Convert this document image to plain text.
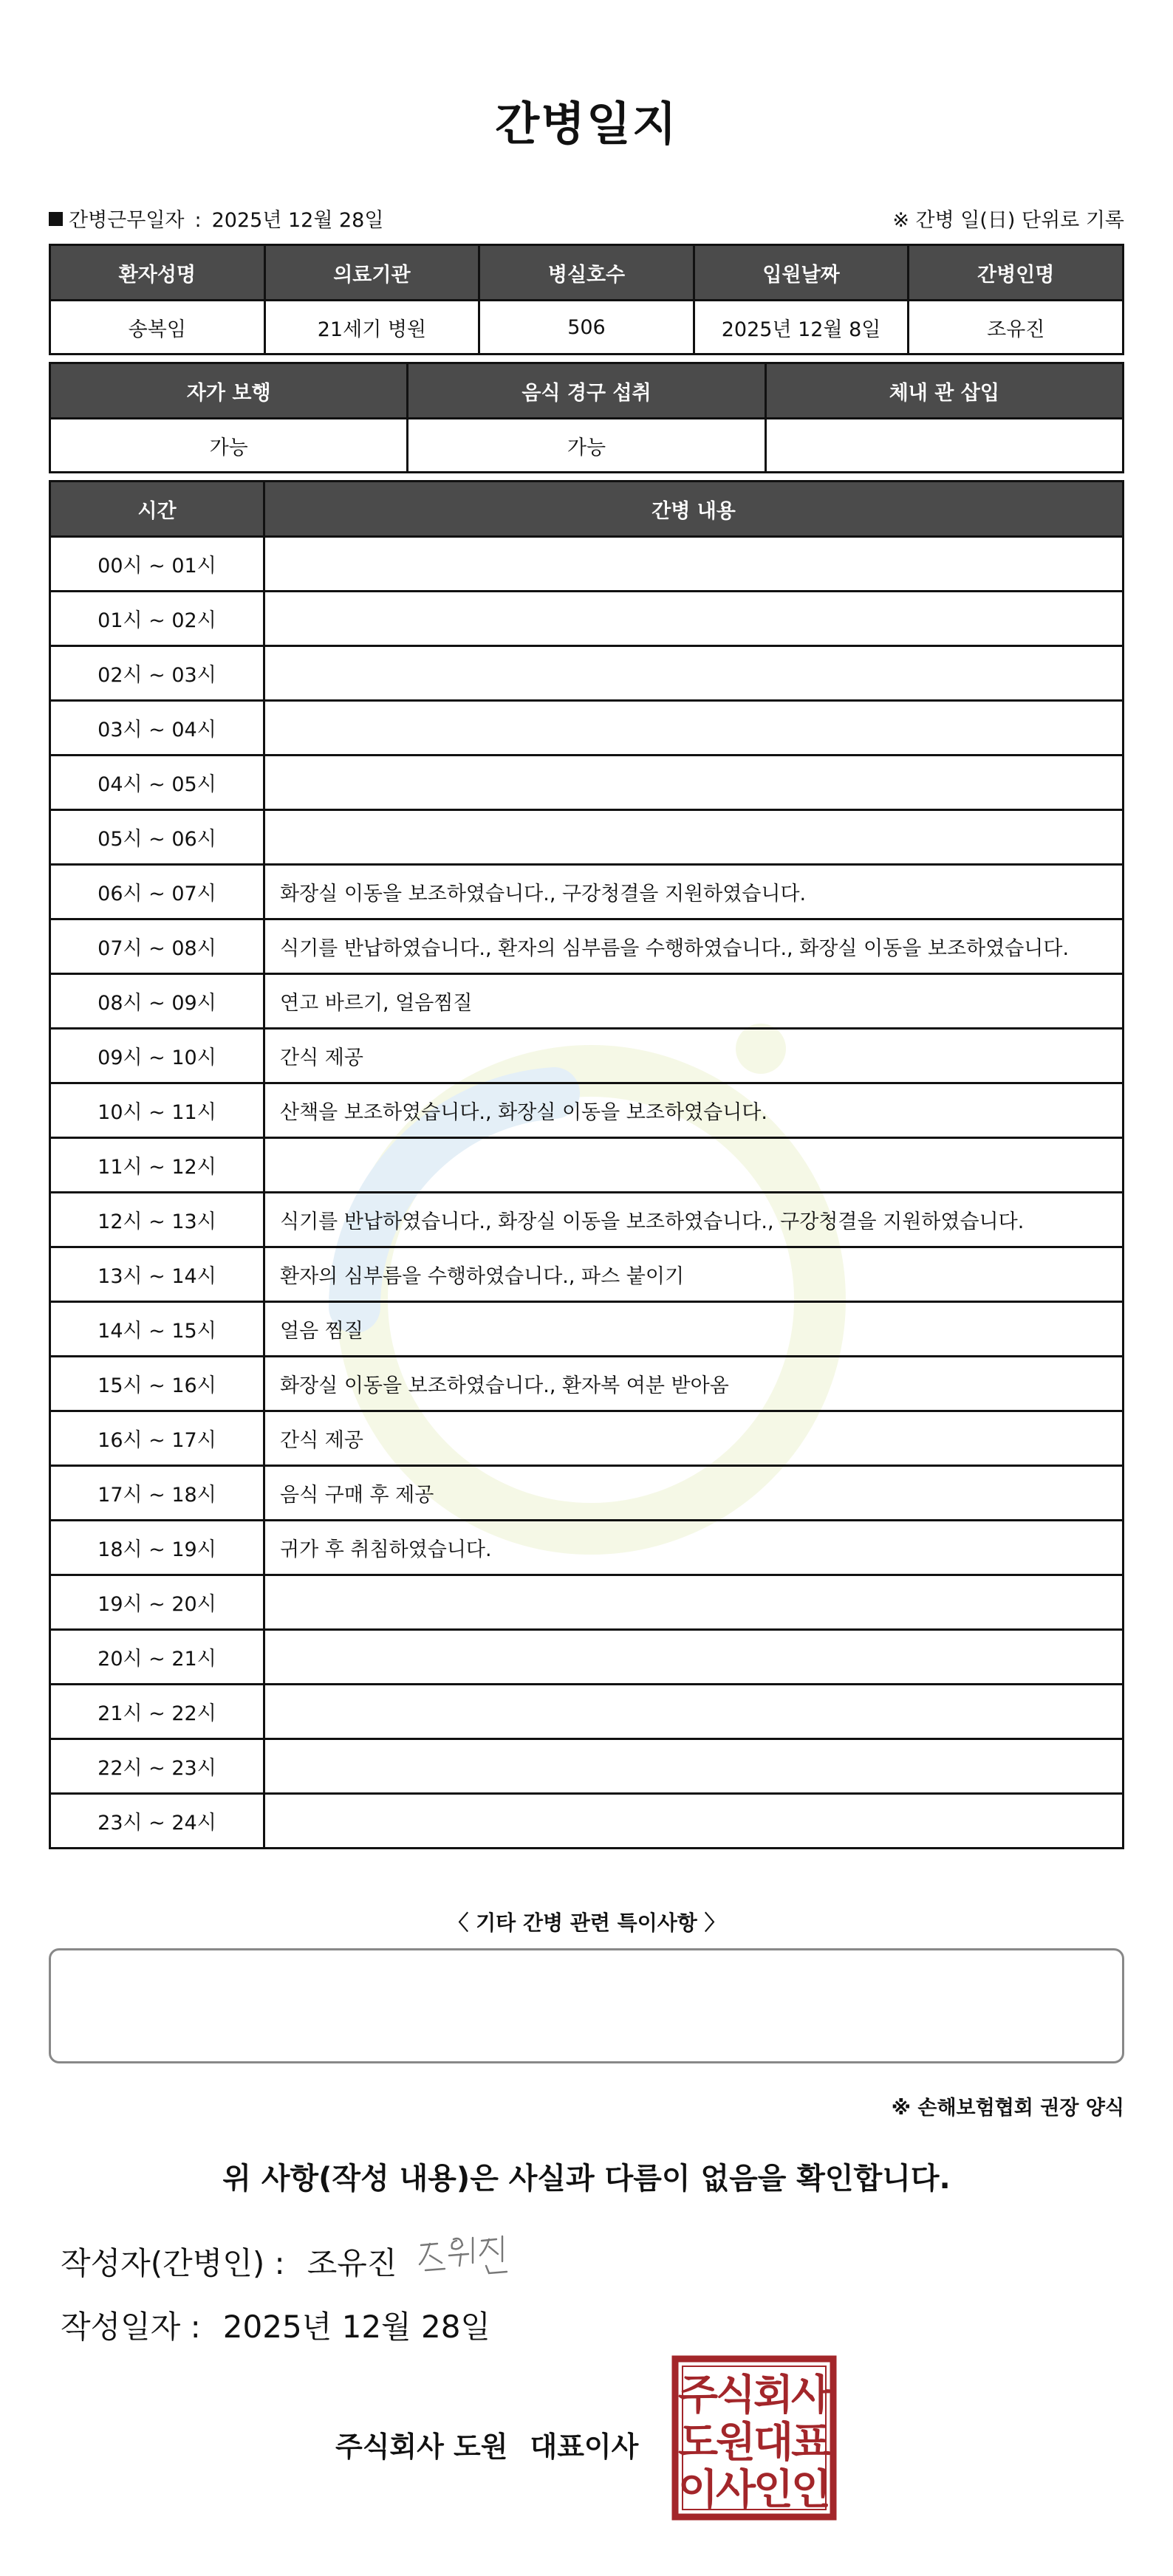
간병일지
간병근무일자 : 2025년 12월 28일	※ 간병 일(日) 단위로 기록
환자성명	의료기관	병실호수	입원날짜	간병인명
송복임	21세기 병원	506	2025년 12월 8일	조유진
자가 보행	음식 경구 섭취	체내 관 삽입
가능	가능	
시간	간병 내용
00시 ~ 01시	
01시 ~ 02시	
02시 ~ 03시	
03시 ~ 04시	
04시 ~ 05시	
05시 ~ 06시	
06시 ~ 07시	화장실 이동을 보조하였습니다., 구강청결을 지원하였습니다.
07시 ~ 08시	식기를 반납하였습니다., 환자의 심부름을 수행하였습니다., 화장실 이동을 보조하였습니다.
08시 ~ 09시	연고 바르기, 얼음찜질
09시 ~ 10시	간식 제공
10시 ~ 11시	산책을 보조하였습니다., 화장실 이동을 보조하였습니다.
11시 ~ 12시	
12시 ~ 13시	식기를 반납하였습니다., 화장실 이동을 보조하였습니다., 구강청결을 지원하였습니다.
13시 ~ 14시	환자의 심부름을 수행하였습니다., 파스 붙이기
14시 ~ 15시	얼음 찜질
15시 ~ 16시	화장실 이동을 보조하였습니다., 환자복 여분 받아옴
16시 ~ 17시	간식 제공
17시 ~ 18시	음식 구매 후 제공
18시 ~ 19시	귀가 후 취침하였습니다.
19시 ~ 20시	
20시 ~ 21시	
21시 ~ 22시	
22시 ~ 23시	
23시 ~ 24시	
〈 기타 간병 관련 특이사항 〉
※ 손해보험협회 권장 양식
위 사항(작성 내용)은 사실과 다름이 없음을 확인합니다.
작성자(간병인) : 조유진
작성일자 : 2025년 12월 28일
주식회사 도원 대표이사
주
식
회
사
도
원
대
표
이
사
인
인
